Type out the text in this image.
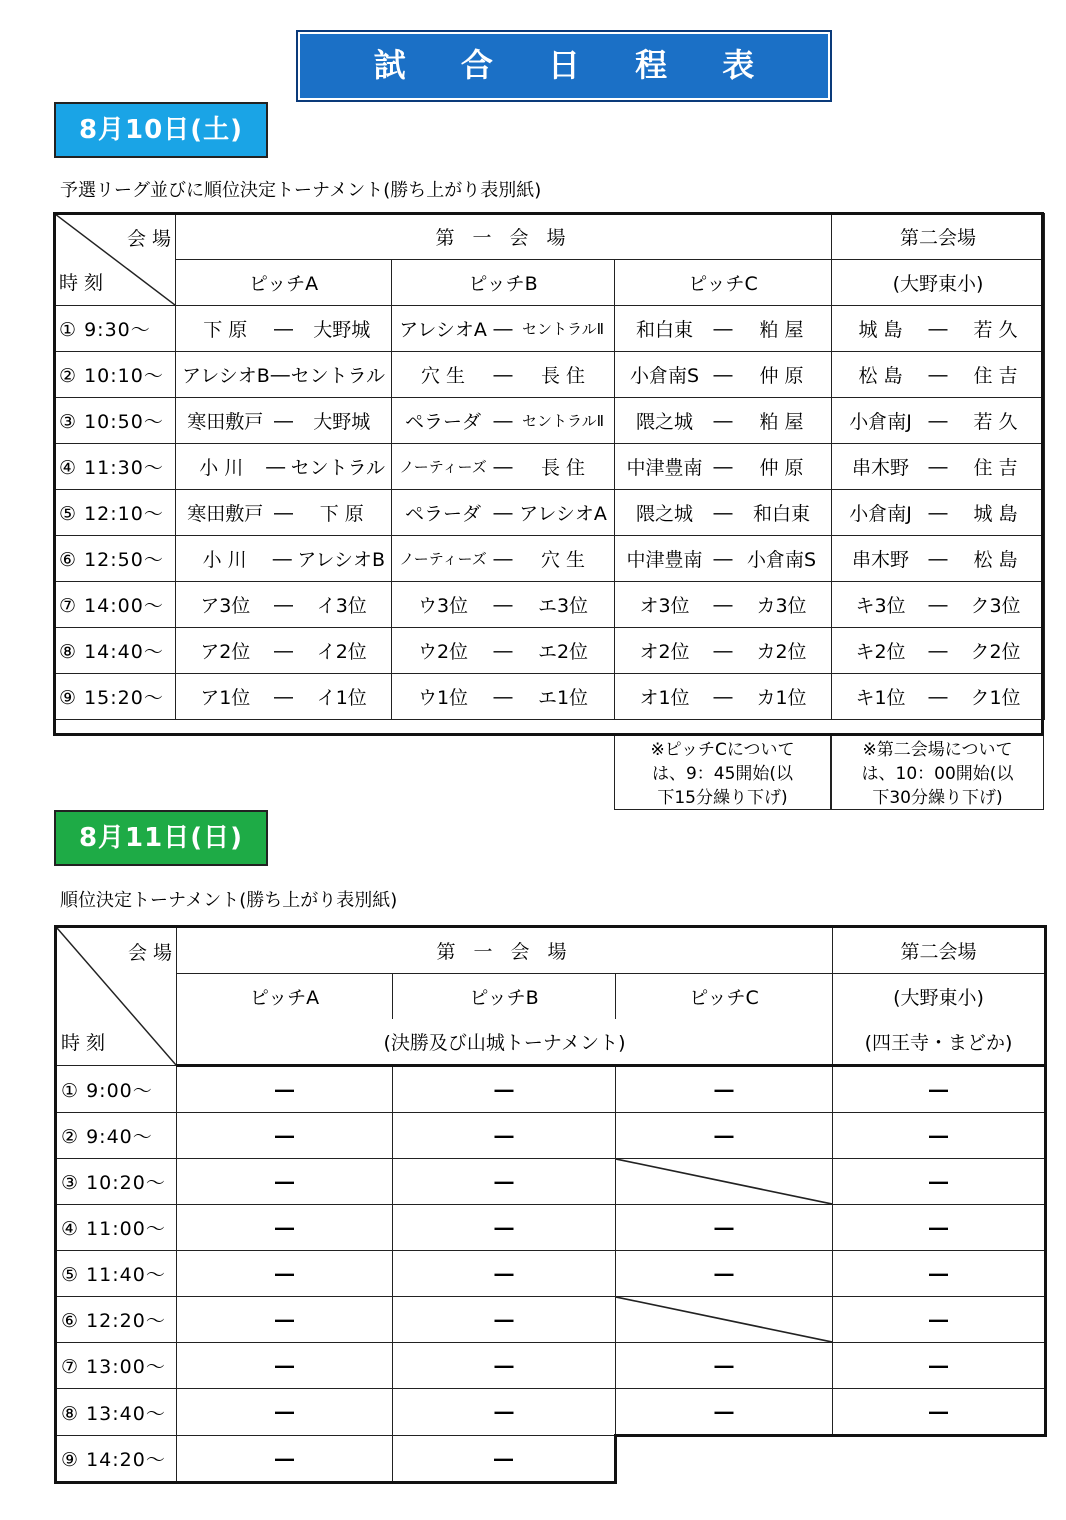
試 合 日 程 表
8月10日(土)
予選リーグ並びに順位決定トーナメント(勝ち上がり表別紙)
会 場
時 刻	第 一 会 場			第二会場
	ピッチA	ピッチB	ピッチC	(大野東小)
① 9:30～	下 原 ― 大野城	アレシオA ― セントラルⅡ	和白東 ― 粕 屋	城 島 ― 若 久

② 10:10～	アレシオB ― セントラル	穴 生 ― 長 住	小倉南S ― 仲 原	松 島 ― 住 吉

③ 10:50～	寒田敷戸 ― 大野城	ペラーダ ― セントラルⅡ	隈之城 ― 粕 屋	小倉南J ― 若 久

④ 11:30～	小 川 ― セントラル	ノーティーズ ― 長 住	中津豊南 ― 仲 原	串木野 ― 住 吉

⑤ 12:10～	寒田敷戸 ― 下 原	ペラーダ ― アレシオA	隈之城 ― 和白東	小倉南J ― 城 島

⑥ 12:50～	小 川 ― アレシオB	ノーティーズ ― 穴 生	中津豊南 ― 小倉南S	串木野 ― 松 島

⑦ 14:00～	ア3位 ― イ3位	ウ3位 ― エ3位	オ3位 ― カ3位	キ3位 ― ク3位

⑧ 14:40～	ア2位 ― イ2位	ウ2位 ― エ2位	オ2位 ― カ2位	キ2位 ― ク2位

⑨ 15:20～	ア1位 ― イ1位	ウ1位 ― エ1位	オ1位 ― カ1位	キ1位 ― ク1位
※ピッチCについて
は、9：45開始(以
下15分繰り下げ)
※第二会場について
は、10：00開始(以
下30分繰り下げ)
8月11日(日)
順位決定トーナメント(勝ち上がり表別紙)
会 場
時 刻	第 一 会 場			第二会場
	ピッチA	ピッチB	ピッチC	(大野東小)
	(決勝及び山城トーナメント)			(四王寺・まどか)
① 9:00～	―	―	―	―
② 9:40～	―	―	―	―
③ 10:20～	―	―		―
④ 11:00～	―	―	―	―
⑤ 11:40～	―	―	―	―
⑥ 12:20～	―	―		―
⑦ 13:00～	―	―	―	―
⑧ 13:40～	―	―	―	―
⑨ 14:20～	―	―		
